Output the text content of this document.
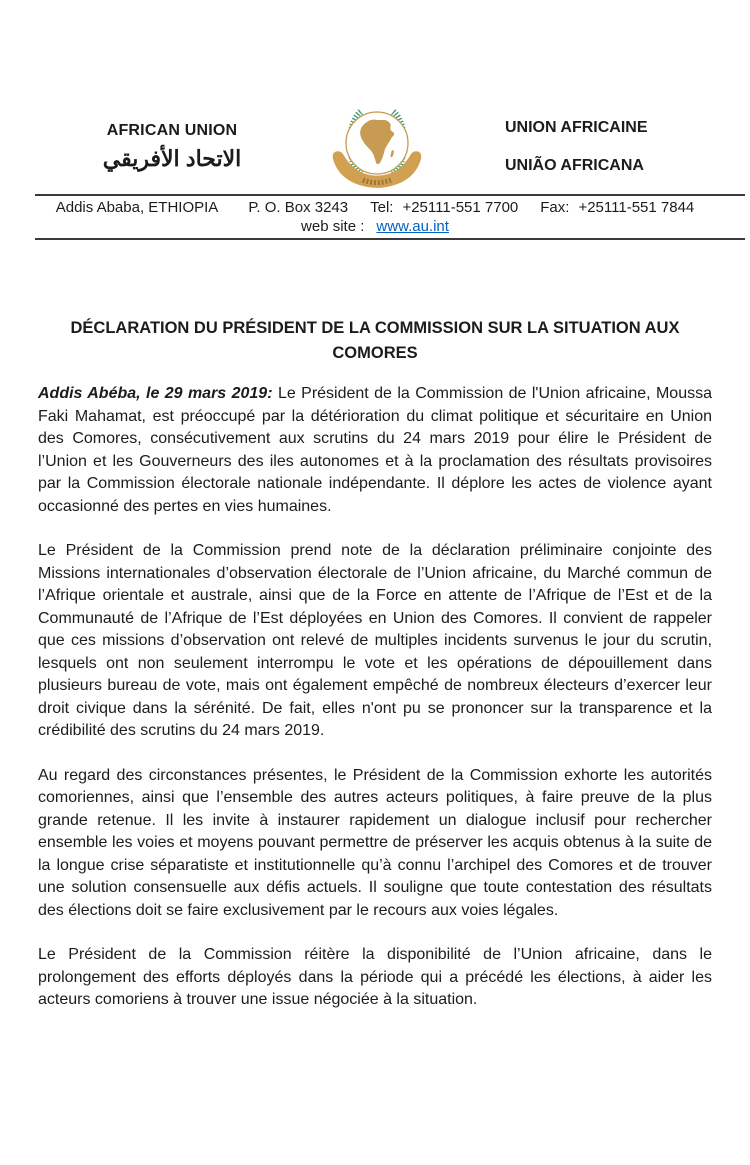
AFRICAN UNION
الاتحاد الأفريقي
UNION AFRICAINE
UNIÃO AFRICANA
Addis Ababa, ETHIOPIA P. O. Box 3243 Tel: +25111-551 7700 Fax: +25111-551 7844
web site : www.au.int
DÉCLARATION DU PRÉSIDENT DE LA COMMISSION SUR LA SITUATION AUX
COMORES

Addis Abéba, le 29 mars 2019: Le Président de la Commission de l'Union africaine, Moussa Faki Mahamat, est préoccupé par la détérioration du climat politique et sécuritaire en Union des Comores, consécutivement aux scrutins du 24 mars 2019 pour élire le Président de l’Union et les Gouverneurs des iles autonomes et à la proclamation des résultats provisoires par la Commission électorale nationale indépendante. Il déplore les actes de violence ayant occasionné des pertes en vies humaines.

Le Président de la Commission prend note de la déclaration préliminaire conjointe des Missions internationales d’observation électorale de l’Union africaine, du Marché commun de l’Afrique orientale et australe, ainsi que de la Force en attente de l’Afrique de l’Est et de la Communauté de l’Afrique de l’Est déployées en Union des Comores. Il convient de rappeler que ces missions d’observation ont relevé de multiples incidents survenus le jour du scrutin, lesquels ont non seulement interrompu le vote et les opérations de dépouillement dans plusieurs bureau de vote, mais ont également empêché de nombreux électeurs d’exercer leur droit civique dans la sérénité. De fait, elles n'ont pu se prononcer sur la transparence et la crédibilité des scrutins du 24 mars 2019.

Au regard des circonstances présentes, le Président de la Commission exhorte les autorités comoriennes, ainsi que l’ensemble des autres acteurs politiques, à faire preuve de la plus grande retenue. Il les invite à instaurer rapidement un dialogue inclusif pour rechercher ensemble les voies et moyens pouvant permettre de préserver les acquis obtenus à la suite de la longue crise séparatiste et institutionnelle qu’à connu l’archipel des Comores et de trouver une solution consensuelle aux défis actuels. Il souligne que toute contestation des résultats des élections doit se faire exclusivement par le recours aux voies légales.

Le Président de la Commission réitère la disponibilité de l’Union africaine, dans le prolongement des efforts déployés dans la période qui a précédé les élections, à aider les acteurs comoriens à trouver une issue négociée à la situation.
